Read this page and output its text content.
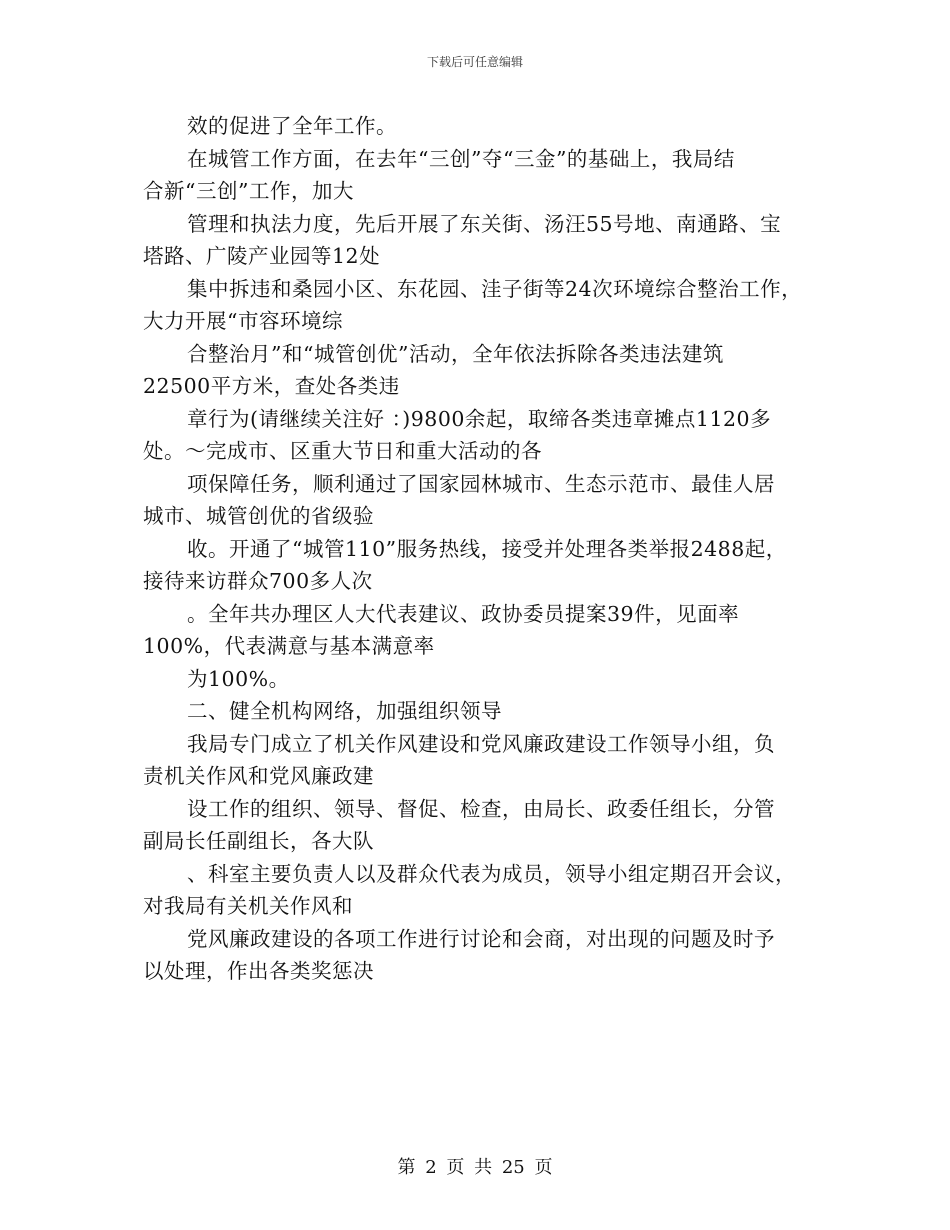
下载后可任意编辑
效的促进了全年工作。
在城管工作方面，在去年“三创”夺“三金”的基础上，我局结
合新“三创”工作，加大
管理和执法力度，先后开展了东关街、汤汪55号地、南通路、宝
塔路、广陵产业园等12处
集中拆违和桑园小区、东花园、洼子街等24次环境综合整治工作，
大力开展“市容环境综
合整治月”和“城管创优”活动，全年依法拆除各类违法建筑
22500平方米，查处各类违
章行为(请继续关注好 ：)9800余起，取缔各类违章摊点1120多
处。～完成市、区重大节日和重大活动的各
项保障任务，顺利通过了国家园林城市、生态示范市、最佳人居
城市、城管创优的省级验
收。开通了“城管110”服务热线，接受并处理各类举报2488起，
接待来访群众700多人次
。全年共办理区人大代表建议、政协委员提案39件，见面率
100%，代表满意与基本满意率
为100%。
二、健全机构网络，加强组织领导
我局专门成立了机关作风建设和党风廉政建设工作领导小组，负
责机关作风和党风廉政建
设工作的组织、领导、督促、检查，由局长、政委任组长，分管
副局长任副组长，各大队
、科室主要负责人以及群众代表为成员，领导小组定期召开会议，
对我局有关机关作风和
党风廉政建设的各项工作进行讨论和会商，对出现的问题及时予
以处理，作出各类奖惩决
第 2 页 共 25 页
